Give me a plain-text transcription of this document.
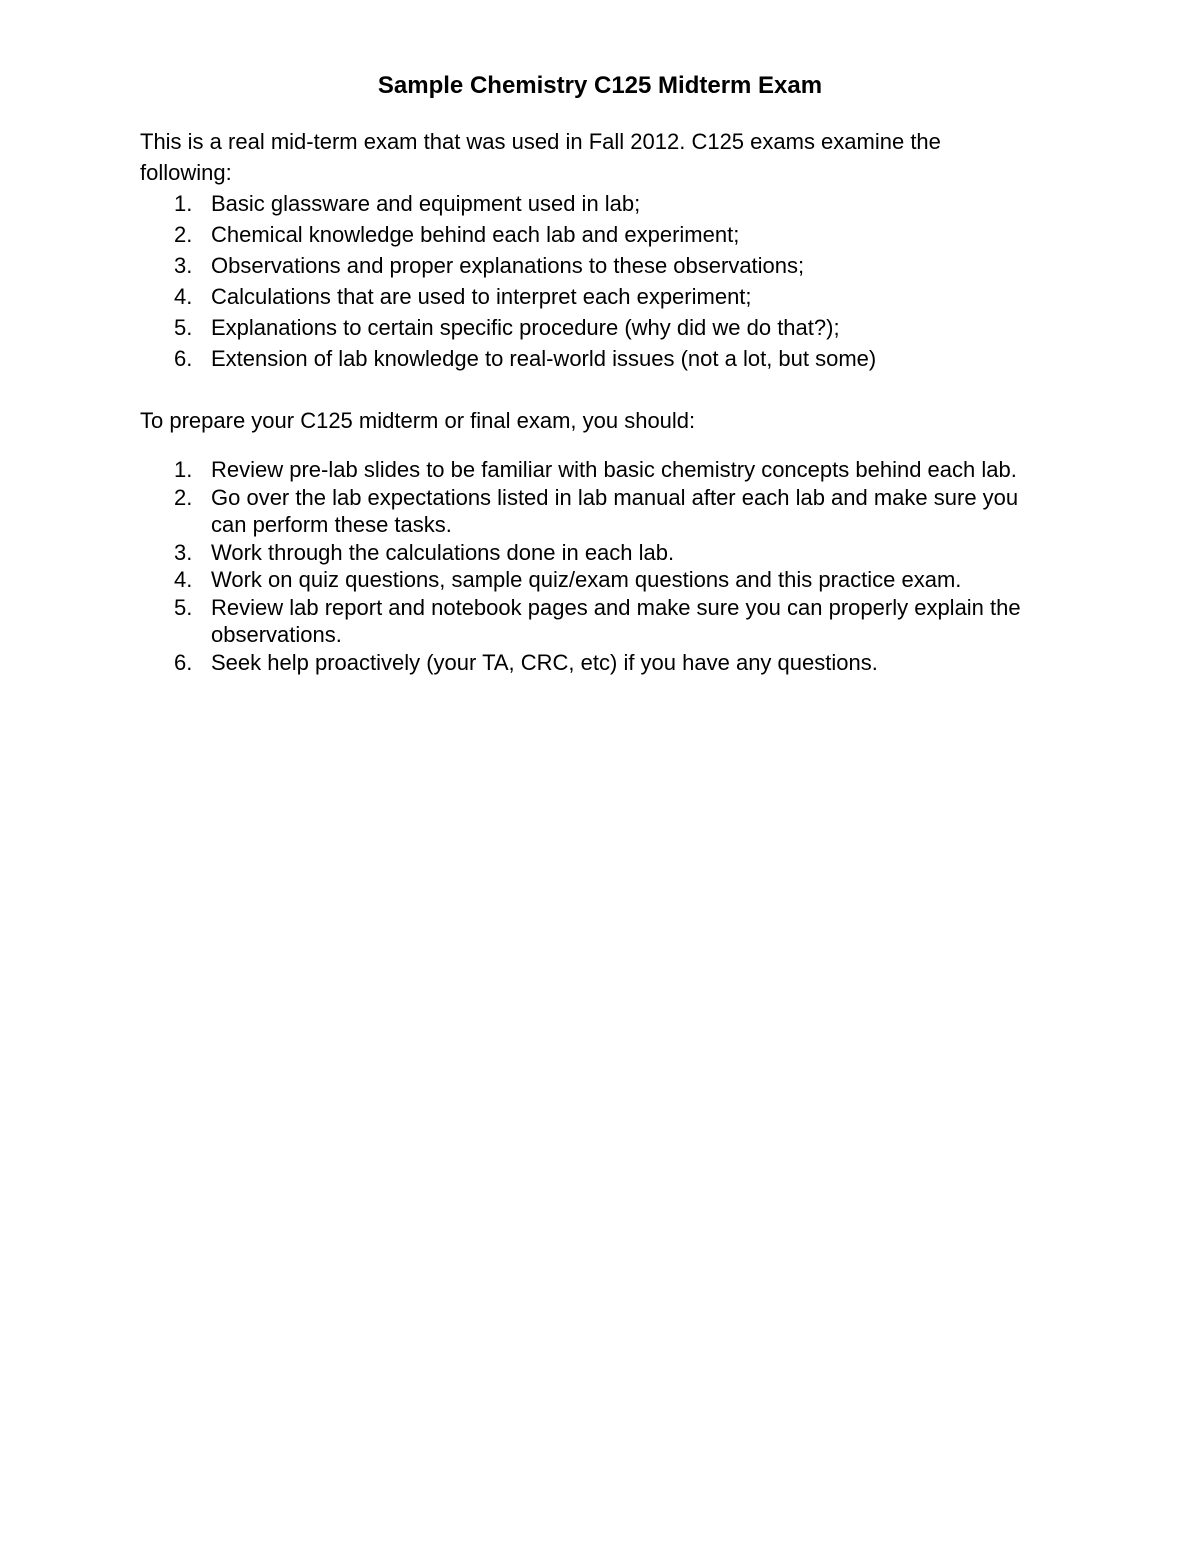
Sample Chemistry C125 Midterm Exam
This is a real mid-term exam that was used in Fall 2012. C125 exams examine the following:
1. Basic glassware and equipment used in lab;
2. Chemical knowledge behind each lab and experiment;
3. Observations and proper explanations to these observations;
4. Calculations that are used to interpret each experiment;
5. Explanations to certain specific procedure (why did we do that?);
6. Extension of lab knowledge to real-world issues (not a lot, but some)
To prepare your C125 midterm or final exam, you should:
1. Review pre-lab slides to be familiar with basic chemistry concepts behind each lab.
2. Go over the lab expectations listed in lab manual after each lab and make sure you can perform these tasks.
3. Work through the calculations done in each lab.
4. Work on quiz questions, sample quiz/exam questions and this practice exam.
5. Review lab report and notebook pages and make sure you can properly explain the observations.
6. Seek help proactively (your TA, CRC, etc) if you have any questions.
